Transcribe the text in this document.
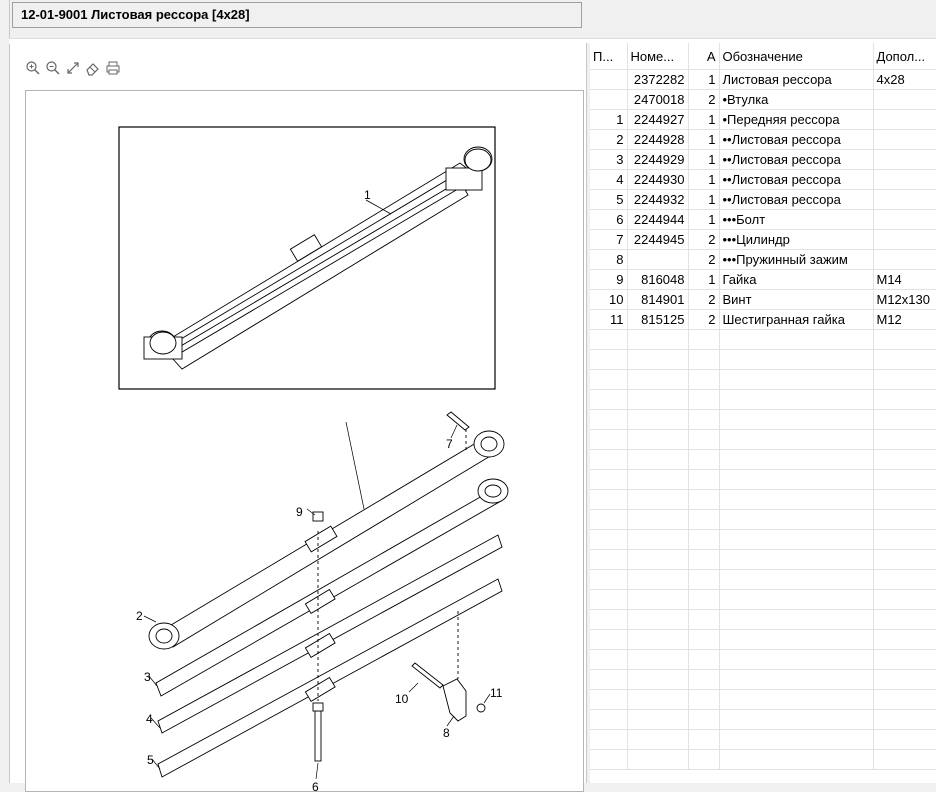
12-01-9001 Листовая рессора [4x28]
1
2
3
4
5
6
7
8
9
10	11
П...	Номе...	А	Обозначение	Допол...
	2372282	1	Листовая рессора	4x28
	2470018	2	•Втулка	
1	2244927	1	•Передняя рессора	
2	2244928	1	••Листовая рессора	
3	2244929	1	••Листовая рессора	
4	2244930	1	••Листовая рессора	
5	2244932	1	••Листовая рессора	
6	2244944	1	•••Болт	
7	2244945	2	•••Цилиндр	
8		2	•••Пружинный зажим	
9	816048	1	Гайка	M14
10	814901	2	Винт	M12x130
11	815125	2	Шестигранная гайка	M12
